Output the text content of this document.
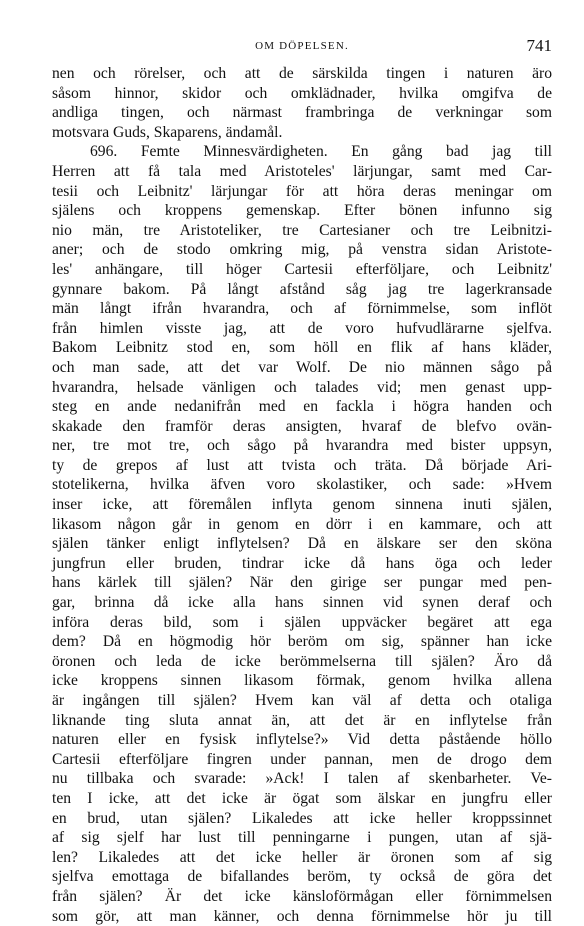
OM DÖPELSEN.	741
nen och rörelser, och att de särskilda tingen i naturen äro
såsom hinnor, skidor och omklädnader, hvilka omgifva de
andliga tingen, och närmast frambringa de verkningar som
motsvara Guds, Skaparens, ändamål.
696. Femte Minnesvärdigheten. En gång bad jag till
Herren att få tala med Aristoteles' lärjungar, samt med Car-
tesii och Leibnitz' lärjungar för att höra deras meningar om
själens och kroppens gemenskap. Efter bönen infunno sig
nio män, tre Aristoteliker, tre Cartesianer och tre Leibnitzi-
aner; och de stodo omkring mig, på venstra sidan Aristote-
les' anhängare, till höger Cartesii efterföljare, och Leibnitz'
gynnare bakom. På långt afstånd såg jag tre lagerkransade
män långt ifrån hvarandra, och af förnimmelse, som inflöt
från himlen visste jag, att de voro hufvudlärarne sjelfva.
Bakom Leibnitz stod en, som höll en flik af hans kläder,
och man sade, att det var Wolf. De nio männen sågo på
hvarandra, helsade vänligen och talades vid; men genast upp-
steg en ande nedanifrån med en fackla i högra handen och
skakade den framför deras ansigten, hvaraf de blefvo ovän-
ner, tre mot tre, och sågo på hvarandra med bister uppsyn,
ty de grepos af lust att tvista och träta. Då började Ari-
stotelikerna, hvilka äfven voro skolastiker, och sade: »Hvem
inser icke, att föremålen inflyta genom sinnena inuti själen,
likasom någon går in genom en dörr i en kammare, och att
själen tänker enligt inflytelsen? Då en älskare ser den sköna
jungfrun eller bruden, tindrar icke då hans öga och leder
hans kärlek till själen? När den girige ser pungar med pen-
gar, brinna då icke alla hans sinnen vid synen deraf och
införa deras bild, som i själen uppväcker begäret att ega
dem? Då en högmodig hör beröm om sig, spänner han icke
öronen och leda de icke berömmelserna till själen? Äro då
icke kroppens sinnen likasom förmak, genom hvilka allena
är ingången till själen? Hvem kan väl af detta och otaliga
liknande ting sluta annat än, att det är en inflytelse från
naturen eller en fysisk inflytelse?» Vid detta påstående höllo
Cartesii efterföljare fingren under pannan, men de drogo dem
nu tillbaka och svarade: »Ack! I talen af skenbarheter. Ve-
ten I icke, att det icke är ögat som älskar en jungfru eller
en brud, utan själen? Likaledes att icke heller kroppssinnet
af sig sjelf har lust till penningarne i pungen, utan af sjä-
len? Likaledes att det icke heller är öronen som af sig
sjelfva emottaga de bifallandes beröm, ty också de göra det
från själen? Är det icke känsloförmågan eller förnimmelsen
som gör, att man känner, och denna förnimmelse hör ju till
